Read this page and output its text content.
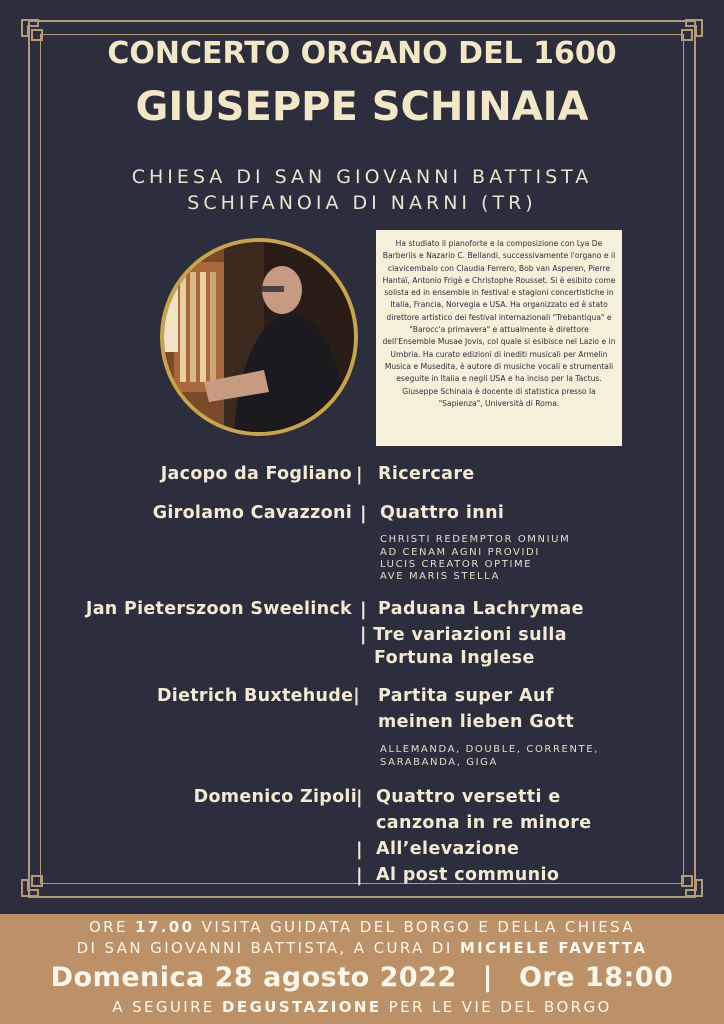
CONCERTO ORGANO DEL 1600
GIUSEPPE SCHINAIA
CHIESA DI SAN GIOVANNI BATTISTA
SCHIFANOIA DI NARNI (TR)
Ha studiato il pianoforte e la composizione con Lya De Barberiis e Nazario C. Bellandi, successivamente l'organo e il clavicembalo con Claudia Ferrero, Bob van Asperen, Pierre Hantaï, Antonio Frigè e Christophe Rousset. Si è esibito come solista ed in ensemble in festival e stagioni concertistiche in Italia, Francia, Norvegia e USA. Ha organizzato ed è stato direttore artistico dei festival internazionali "Trebantiqua" e "Barocc'a primavera" e attualmente è direttore dell'Ensemble Musae Jovis, col quale si esibisce nel Lazio e in Umbria. Ha curato edizioni di inediti musicali per Armelin Musica e Musedita, è autore di musiche vocali e strumentali eseguite in Italia e negli USA e ha inciso per la Tactus. Giuseppe Schinaia è docente di statistica presso la "Sapienza", Università di Roma.
Jacopo da Fogliano | Ricercare
Girolamo Cavazzoni | Quattro inni
CHRISTI REDEMPTOR OMNIUM
AD CENAM AGNI PROVIDI
LUCIS CREATOR OPTIME
AVE MARIS STELLA
Jan Pieterszoon Sweelinck | Paduana Lachrymae
| Tre variazioni sulla
Fortuna Inglese
Dietrich Buxtehude| Partita super Auf
meinen lieben Gott
ALLEMANDA, DOUBLE, CORRENTE,
SARABANDA, GIGA
Domenico Zipoli | Quattro versetti e
canzona in re minore
| All’elevazione
| Al post communio
ORE 17.00 VISITA GUIDATA DEL BORGO E DELLA CHIESA
DI SAN GIOVANNI BATTISTA, A CURA DI MICHELE FAVETTA
Domenica 28 agosto 2022 | Ore 18:00
A SEGUIRE DEGUSTAZIONE PER LE VIE DEL BORGO
